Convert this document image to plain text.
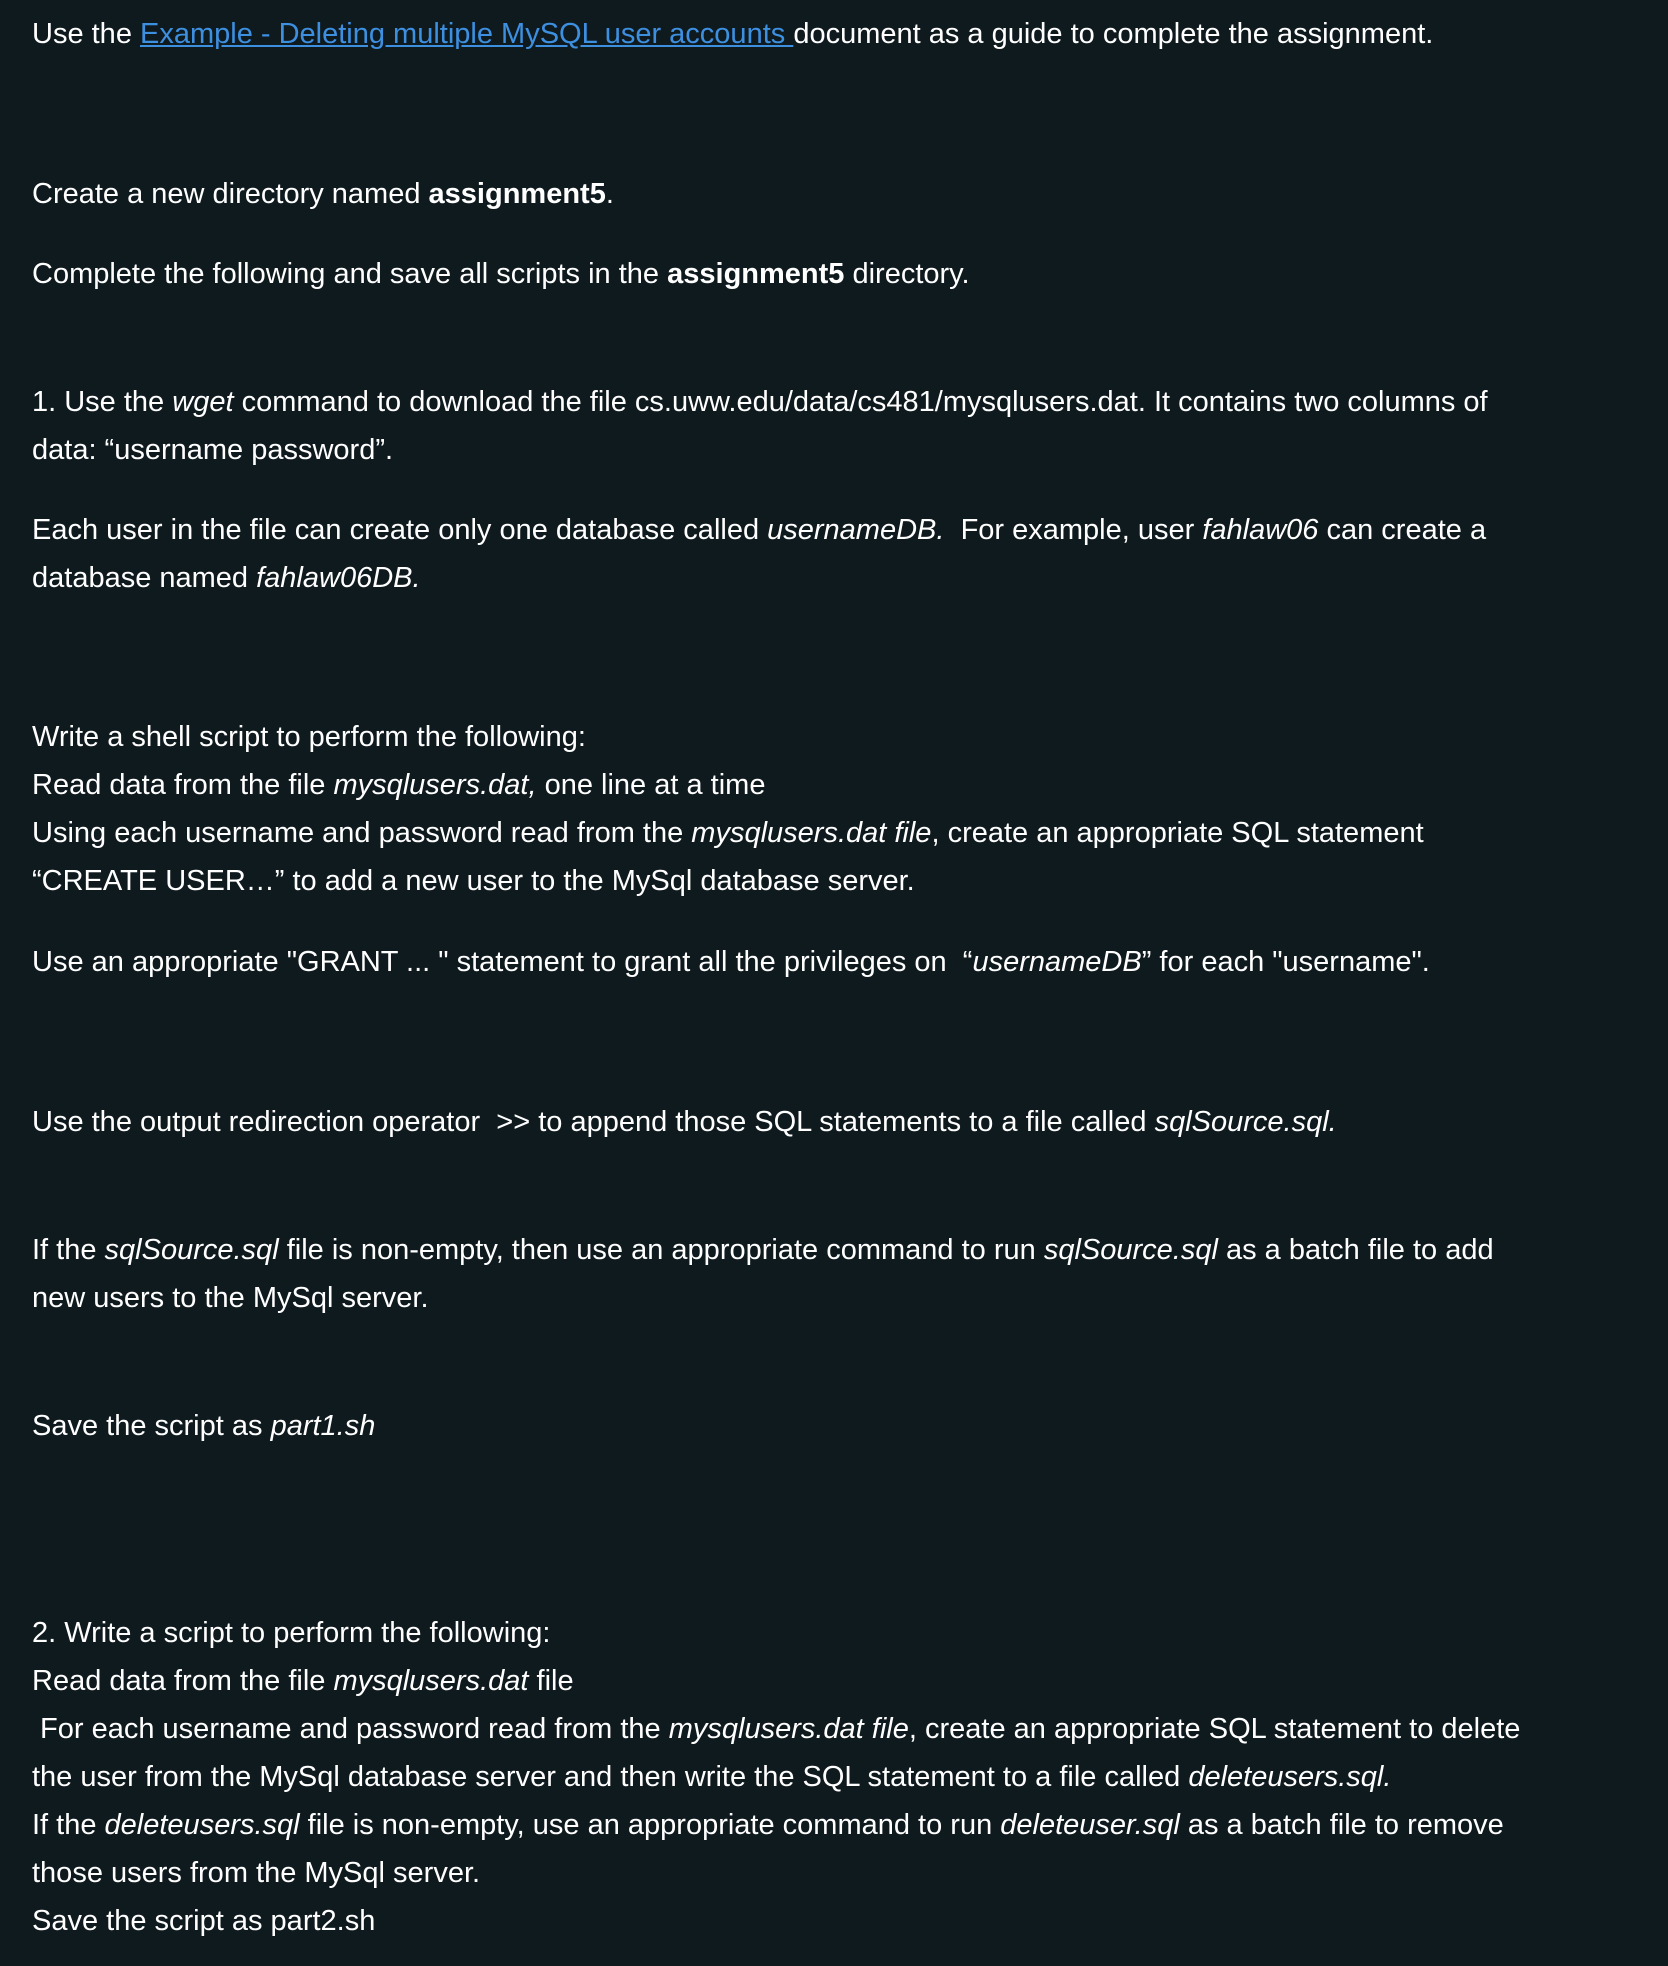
Use the Example - Deleting multiple MySQL user accounts document as a guide to complete the assignment.
Create a new directory named assignment5.
Complete the following and save all scripts in the assignment5 directory.
1. Use the wget command to download the file cs.uww.edu/data/cs481/mysqlusers.dat. It contains two columns of
data: “username password”.
Each user in the file can create only one database called usernameDB.  For example, user fahlaw06 can create a
database named fahlaw06DB.
Write a shell script to perform the following:
Read data from the file mysqlusers.dat, one line at a time
Using each username and password read from the mysqlusers.dat file, create an appropriate SQL statement
“CREATE USER…” to add a new user to the MySql database server.
Use an appropriate "GRANT ... " statement to grant all the privileges on  “usernameDB” for each "username".
Use the output redirection operator  >> to append those SQL statements to a file called sqlSource.sql.
If the sqlSource.sql file is non-empty, then use an appropriate command to run sqlSource.sql as a batch file to add
new users to the MySql server.
Save the script as part1.sh
2. Write a script to perform the following:
Read data from the file mysqlusers.dat file
For each username and password read from the mysqlusers.dat file, create an appropriate SQL statement to delete
the user from the MySql database server and then write the SQL statement to a file called deleteusers.sql.
If the deleteusers.sql file is non-empty, use an appropriate command to run deleteuser.sql as a batch file to remove
those users from the MySql server.
Save the script as part2.sh
